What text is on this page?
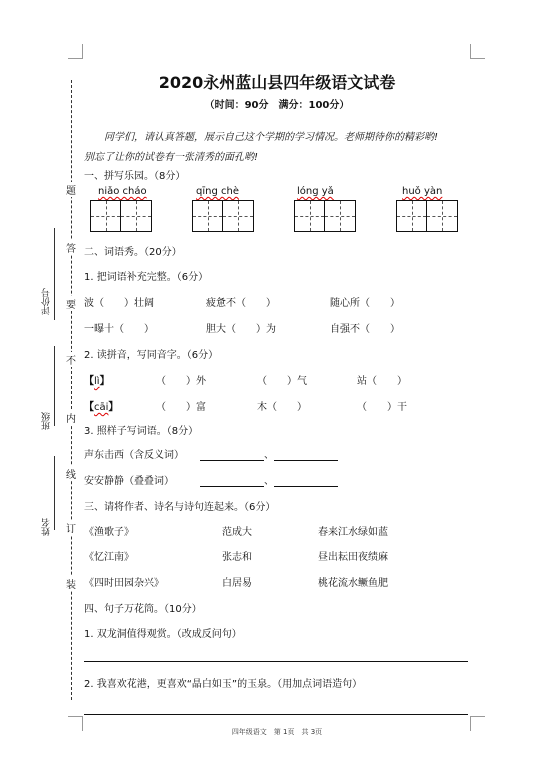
题
答
要
不
内
线
订
装
评价号
班级
姓名
2020永州蓝山县四年级语文试卷
（时间：90分　满分：100分）
同学们，请认真答题，展示自己这个学期的学习情况。老师期待你的精彩哟!
别忘了让你的试卷有一张清秀的面孔哟!
一、拼写乐园。（8分）
niǎo cháo	qīng chè	lóng yǎ	huǒ yàn
二、词语秀。（20分）
1. 把词语补充完整。（6分）
波（　　）壮阔	疲惫不（　　）	随心所（　　）
一曝十（　　）	胆大（　　）为	自强不（　　）
2. 读拼音，写同音字。（6分）
【lì】	（　　）外	（　　）气	站（　　）
【cāi】	（　　）富	木（　　）	（　　）干
3. 照样子写词语。（8分）
声东击西（含反义词）	、
安安静静（叠叠词）	、
三、请将作者、诗名与诗句连起来。（6分）
《渔歌子》	范成大	春来江水绿如蓝
《忆江南》	张志和	昼出耘田夜绩麻
《四时田园杂兴》	白居易	桃花流水鳜鱼肥
四、句子万花筒。（10分）
1. 双龙洞值得观赏。（改成反问句）
2. 我喜欢花港，更喜欢“晶白如玉”的玉泉。（用加点词语造句）
四年级语文　第 1页　共 3页
